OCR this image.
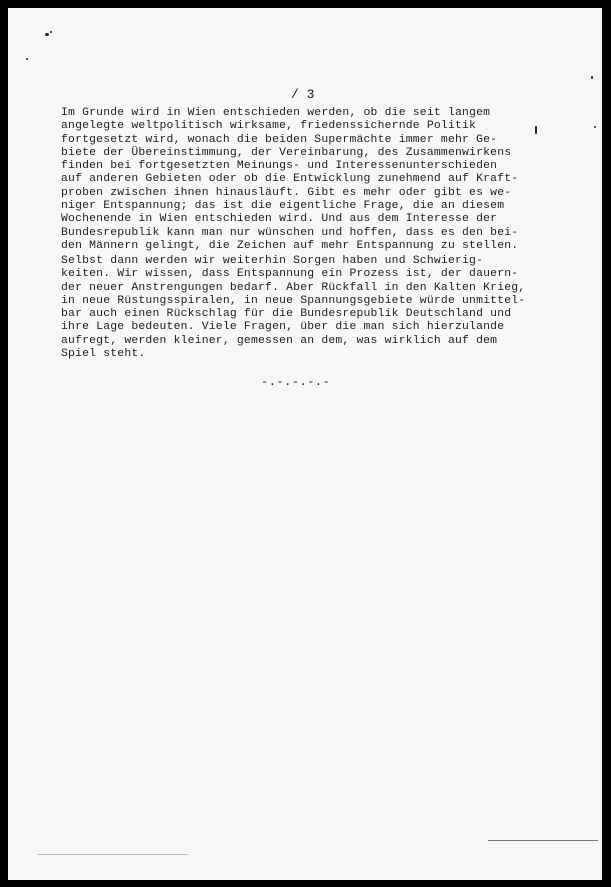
/ 3
Im Grunde wird in Wien entschieden werden, ob die seit langem
angelegte weltpolitisch wirksame, friedenssichernde Politik
fortgesetzt wird, wonach die beiden Supermächte immer mehr Ge-
biete der Übereinstimmung, der Vereinbarung, des Zusammenwirkens
finden bei fortgesetzten Meinungs- und Interessenunterschieden
auf anderen Gebieten oder ob die Entwicklung zunehmend auf Kraft-
proben zwischen ihnen hinausläuft. Gibt es mehr oder gibt es we-
niger Entspannung; das ist die eigentliche Frage, die an diesem
Wochenende in Wien entschieden wird. Und aus dem Interesse der
Bundesrepublik kann man nur wünschen und hoffen, dass es den bei-
den Männern gelingt, die Zeichen auf mehr Entspannung zu stellen.
Selbst dann werden wir weiterhin Sorgen haben und Schwierig-
keiten. Wir wissen, dass Entspannung ein Prozess ist, der dauern-
der neuer Anstrengungen bedarf. Aber Rückfall in den Kalten Krieg,
in neue Rüstungsspiralen, in neue Spannungsgebiete würde unmittel-
bar auch einen Rückschlag für die Bundesrepublik Deutschland und
ihre Lage bedeuten. Viele Fragen, über die man sich hierzulande
aufregt, werden kleiner, gemessen an dem, was wirklich auf dem
Spiel steht.
-.-.-.-.-
